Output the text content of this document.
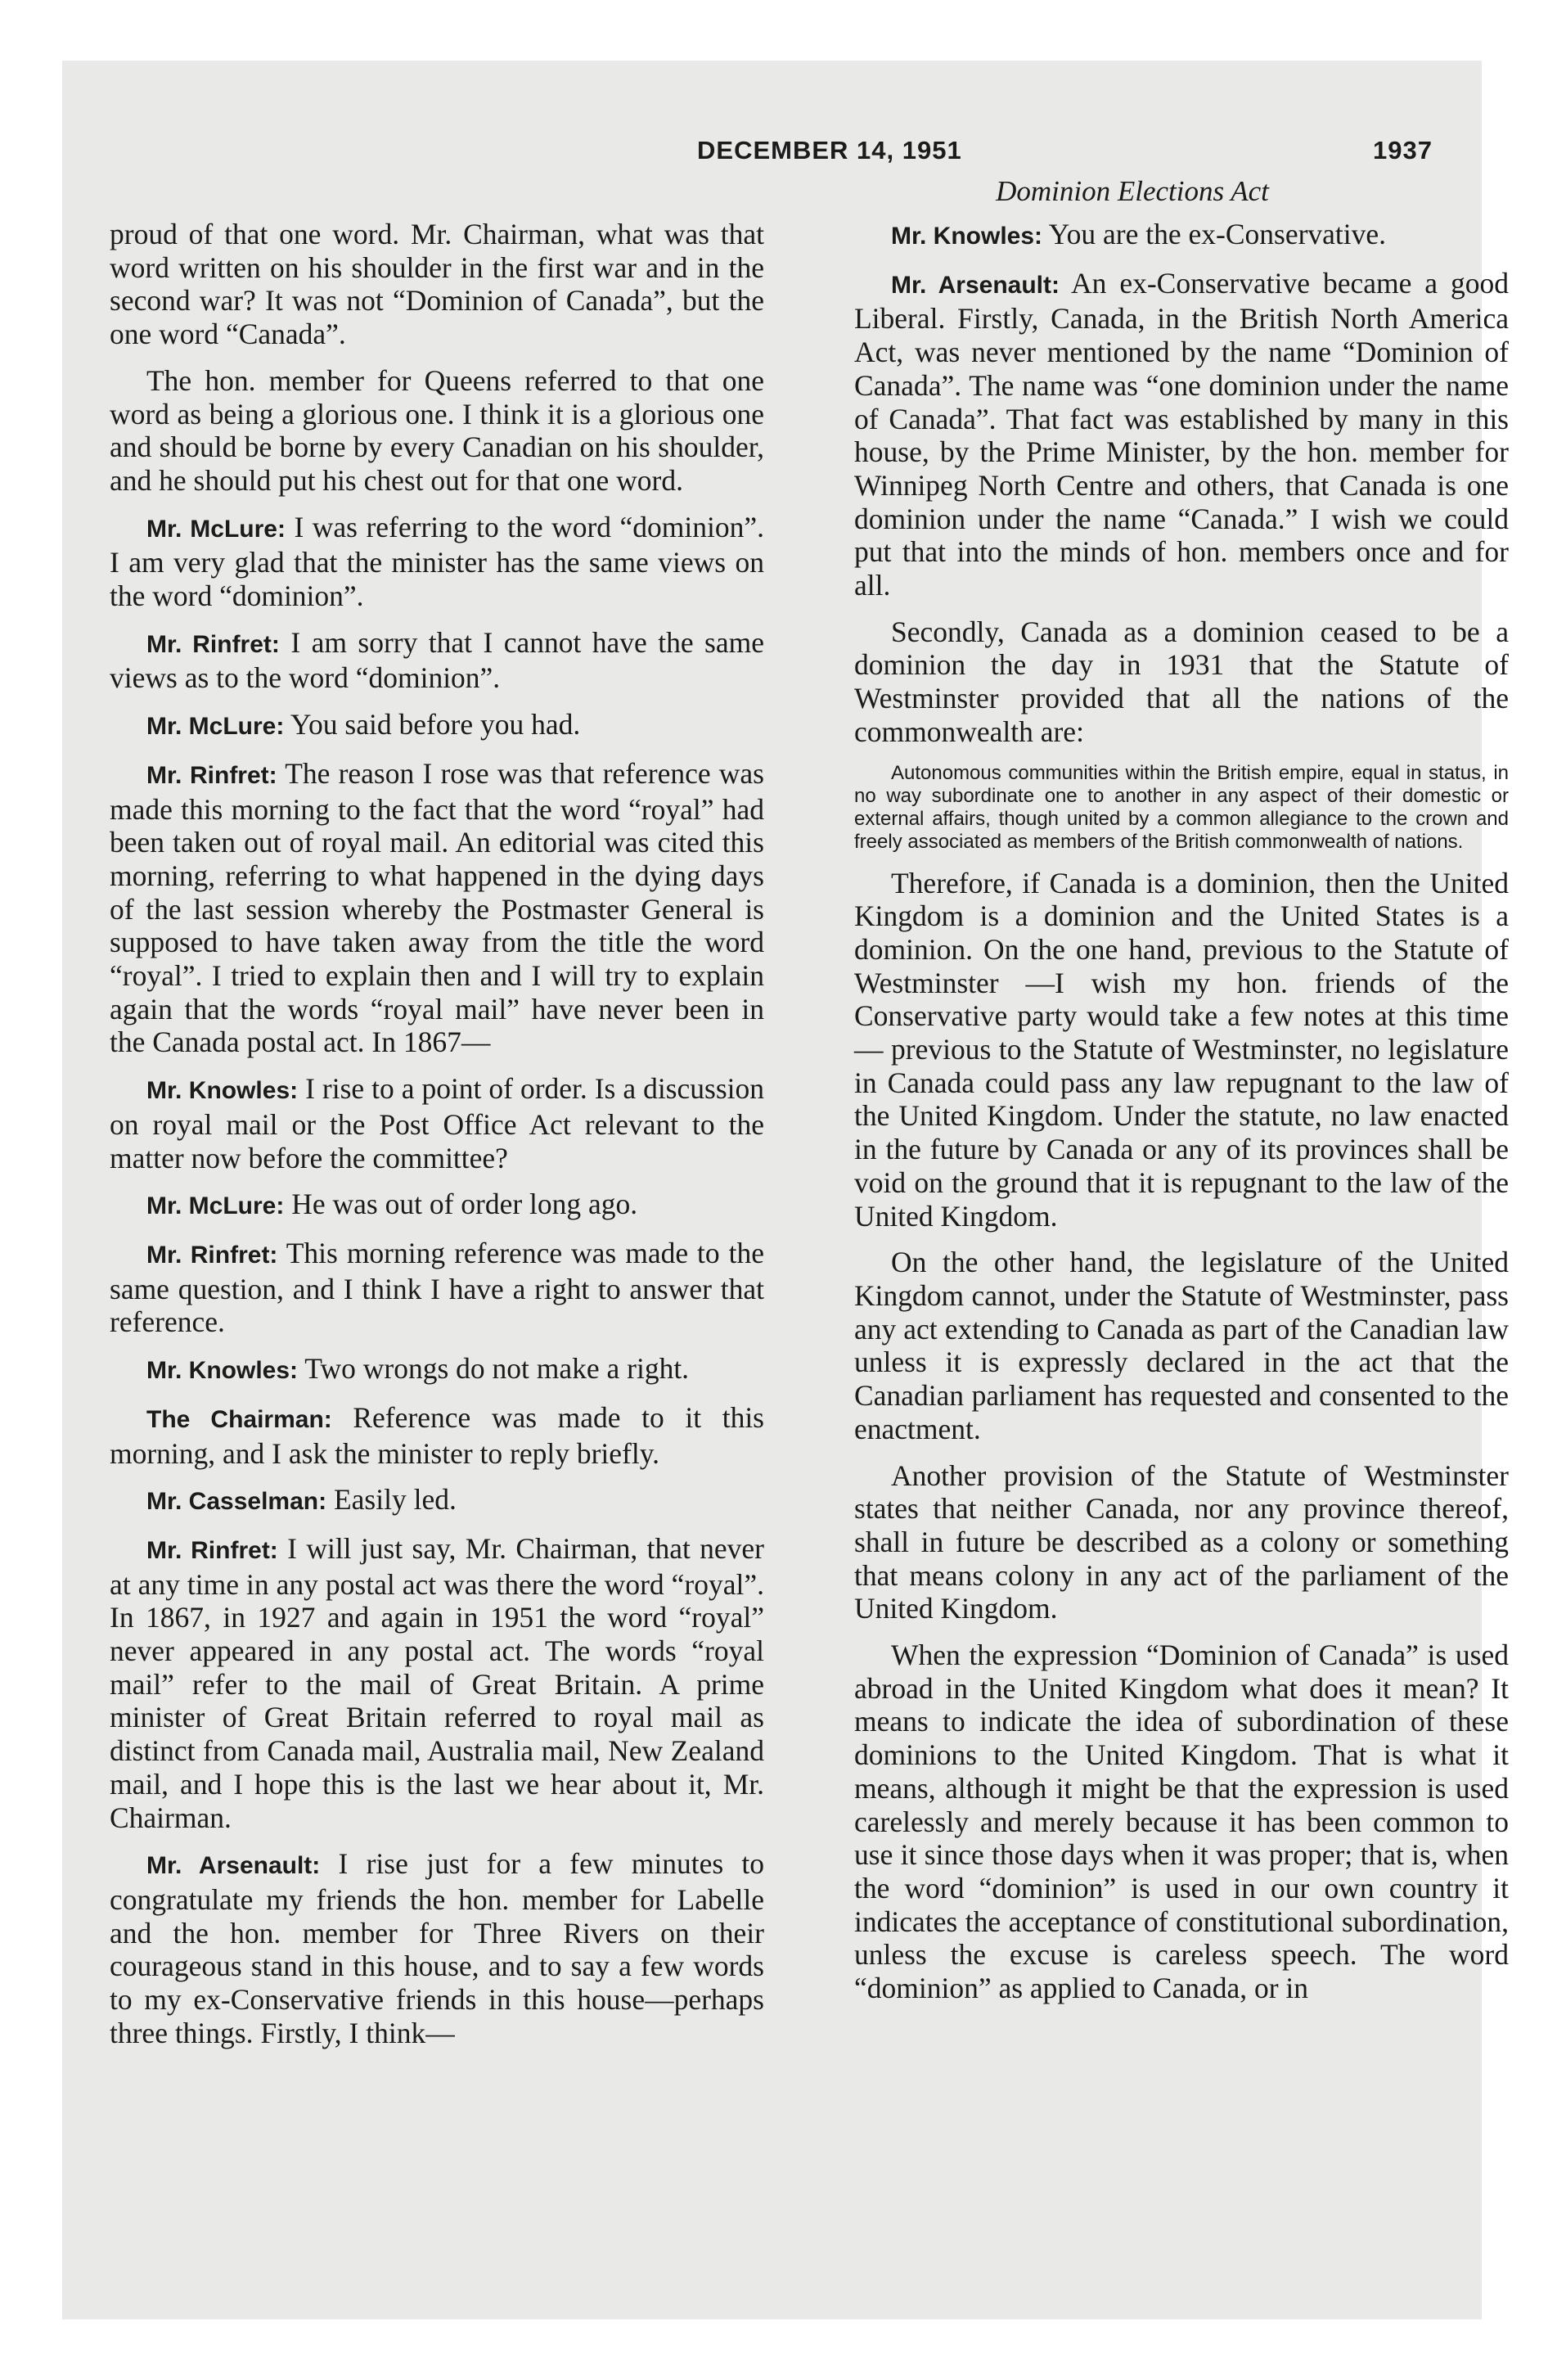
DECEMBER 14, 1951	1937
Dominion Elections Act

proud of that one word. Mr. Chairman, what was that word written on his shoulder in the first war and in the second war? It was not “Dominion of Canada”, but the one word “Canada”.

The hon. member for Queens referred to that one word as being a glorious one. I think it is a glorious one and should be borne by every Canadian on his shoulder, and he should put his chest out for that one word.

Mr. McLure: I was referring to the word “dominion”. I am very glad that the minister has the same views on the word “dominion”.

Mr. Rinfret: I am sorry that I cannot have the same views as to the word “dominion”.

Mr. McLure: You said before you had.

Mr. Rinfret: The reason I rose was that reference was made this morning to the fact that the word “royal” had been taken out of royal mail. An editorial was cited this morning, referring to what happened in the dying days of the last session whereby the Postmaster General is supposed to have taken away from the title the word “royal”. I tried to explain then and I will try to explain again that the words “royal mail” have never been in the Canada postal act. In 1867—

Mr. Knowles: I rise to a point of order. Is a discussion on royal mail or the Post Office Act relevant to the matter now before the committee?

Mr. McLure: He was out of order long ago.

Mr. Rinfret: This morning reference was made to the same question, and I think I have a right to answer that reference.

Mr. Knowles: Two wrongs do not make a right.

The Chairman: Reference was made to it this morning, and I ask the minister to reply briefly.

Mr. Casselman: Easily led.

Mr. Rinfret: I will just say, Mr. Chairman, that never at any time in any postal act was there the word “royal”. In 1867, in 1927 and again in 1951 the word “royal” never appeared in any postal act. The words “royal mail” refer to the mail of Great Britain. A prime minister of Great Britain referred to royal mail as distinct from Canada mail, Australia mail, New Zealand mail, and I hope this is the last we hear about it, Mr. Chairman.

Mr. Arsenault: I rise just for a few minutes to congratulate my friends the hon. member for Labelle and the hon. member for Three Rivers on their courageous stand in this house, and to say a few words to my ex-Conservative friends in this house—perhaps three things. Firstly, I think—

Mr. Knowles: You are the ex-Conservative.

Mr. Arsenault: An ex-Conservative became a good Liberal. Firstly, Canada, in the British North America Act, was never mentioned by the name “Dominion of Canada”. The name was “one dominion under the name of Canada”. That fact was established by many in this house, by the Prime Minister, by the hon. member for Winnipeg North Centre and others, that Canada is one dominion under the name “Canada.” I wish we could put that into the minds of hon. members once and for all.

Secondly, Canada as a dominion ceased to be a dominion the day in 1931 that the Statute of Westminster provided that all the nations of the commonwealth are:

Autonomous communities within the British empire, equal in status, in no way subordinate one to another in any aspect of their domestic or external affairs, though united by a common allegiance to the crown and freely associated as members of the British commonwealth of nations.

Therefore, if Canada is a dominion, then the United Kingdom is a dominion and the United States is a dominion. On the one hand, previous to the Statute of Westminster —I wish my hon. friends of the Conservative party would take a few notes at this time— previous to the Statute of Westminster, no legislature in Canada could pass any law repugnant to the law of the United Kingdom. Under the statute, no law enacted in the future by Canada or any of its provinces shall be void on the ground that it is repugnant to the law of the United Kingdom.

On the other hand, the legislature of the United Kingdom cannot, under the Statute of Westminster, pass any act extending to Canada as part of the Canadian law unless it is expressly declared in the act that the Canadian parliament has requested and consented to the enactment.

Another provision of the Statute of Westminster states that neither Canada, nor any province thereof, shall in future be described as a colony or something that means colony in any act of the parliament of the United Kingdom.

When the expression “Dominion of Canada” is used abroad in the United Kingdom what does it mean? It means to indicate the idea of subordination of these dominions to the United Kingdom. That is what it means, although it might be that the expression is used carelessly and merely because it has been common to use it since those days when it was proper; that is, when the word “dominion” is used in our own country it indicates the acceptance of constitutional subordination, unless the excuse is careless speech. The word “dominion” as applied to Canada, or in
